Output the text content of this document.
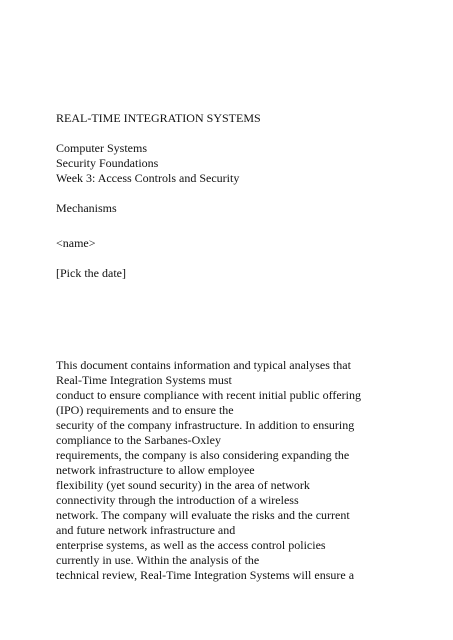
REAL-TIME INTEGRATION SYSTEMS

Computer Systems

Security Foundations

Week 3: Access Controls and Security

Mechanisms

<name>

[Pick the date]

This document contains information and typical analyses that

Real-Time Integration Systems must

conduct to ensure compliance with recent initial public offering

(IPO) requirements and to ensure the

security of the company infrastructure. In addition to ensuring

compliance to the Sarbanes-Oxley

requirements, the company is also considering expanding the

network infrastructure to allow employee

flexibility (yet sound security) in the area of network

connectivity through the introduction of a wireless

network. The company will evaluate the risks and the current

and future network infrastructure and

enterprise systems, as well as the access control policies

currently in use. Within the analysis of the

technical review, Real-Time Integration Systems will ensure a
